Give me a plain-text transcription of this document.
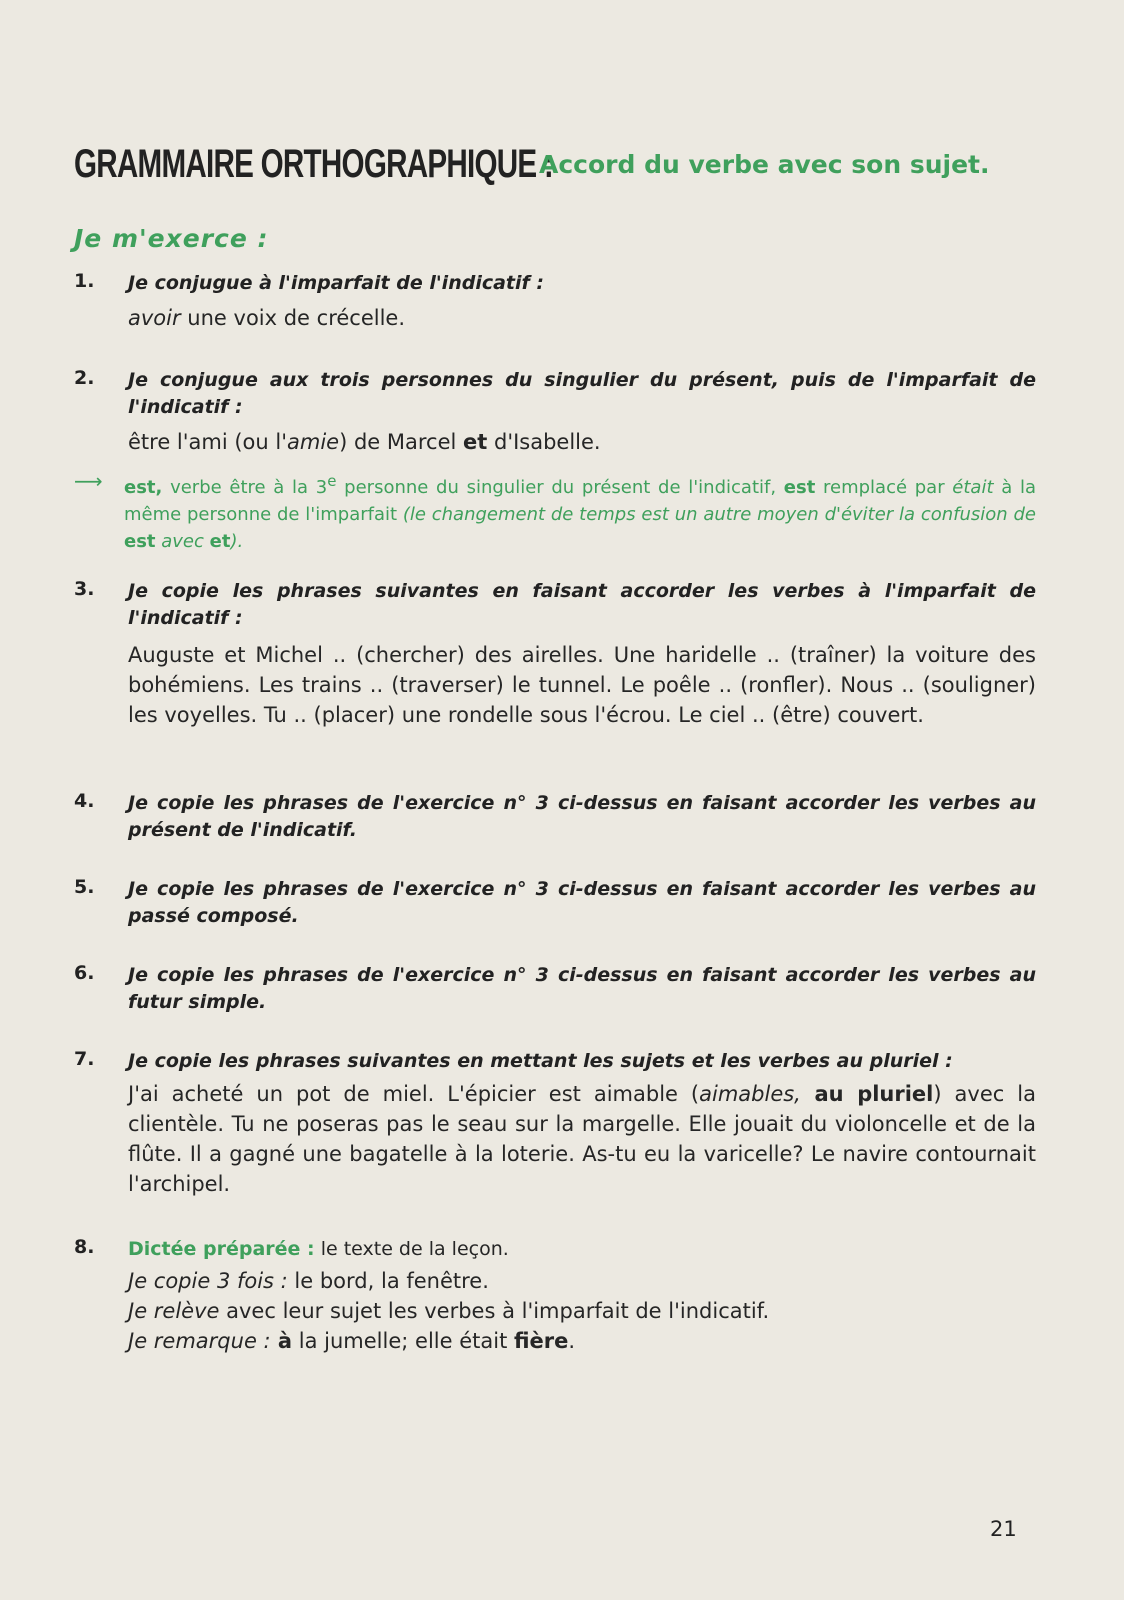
GRAMMAIRE ORTHOGRAPHIQUE :
Accord du verbe avec son sujet.
Je m'exerce :
1. Je conjugue à l'imparfait de l'indicatif :
avoir une voix de crécelle.
2. Je conjugue aux trois personnes du singulier du présent, puis de l'imparfait de l'indicatif :
être l'ami (ou l'amie) de Marcel et d'Isabelle.
⟶ est, verbe être à la 3e personne du singulier du présent de l'indicatif, est remplacé par était à la même personne de l'imparfait (le changement de temps est un autre moyen d'éviter la confusion de est avec et).
3. Je copie les phrases suivantes en faisant accorder les verbes à l'imparfait de l'indicatif :
Auguste et Michel .. (chercher) des airelles. Une haridelle .. (traîner) la voiture des bohémiens. Les trains .. (traverser) le tunnel. Le poêle .. (ronfler). Nous .. (souligner) les voyelles. Tu .. (placer) une rondelle sous l'écrou. Le ciel .. (être) couvert.
4. Je copie les phrases de l'exercice n° 3 ci-dessus en faisant accorder les verbes au présent de l'indicatif.
5. Je copie les phrases de l'exercice n° 3 ci-dessus en faisant accorder les verbes au passé composé.
6. Je copie les phrases de l'exercice n° 3 ci-dessus en faisant accorder les verbes au futur simple.
7. Je copie les phrases suivantes en mettant les sujets et les verbes au pluriel :
J'ai acheté un pot de miel. L'épicier est aimable (aimables, au pluriel) avec la clientèle. Tu ne poseras pas le seau sur la margelle. Elle jouait du violoncelle et de la flûte. Il a gagné une bagatelle à la loterie. As-tu eu la varicelle? Le navire contournait l'archipel.
8. Dictée préparée : le texte de la leçon.
Je copie 3 fois : le bord, la fenêtre.
Je relève avec leur sujet les verbes à l'imparfait de l'indicatif.
Je remarque : à la jumelle; elle était fière.
21
